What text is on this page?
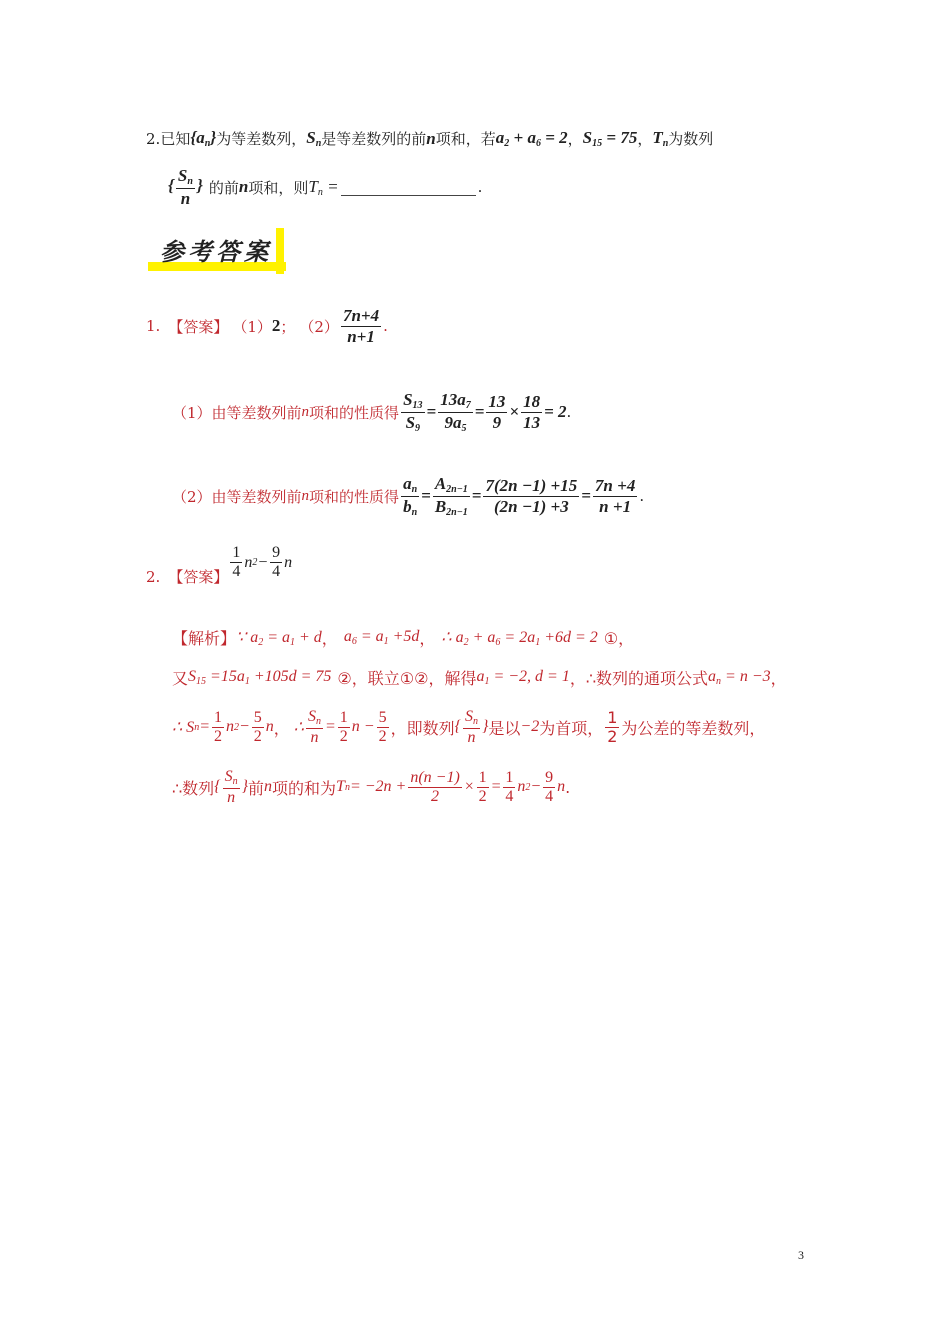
2. 已知 $\{a_n\}$ 为等差数列， $S_n$ 是等差数列的前 n 项和，若 $a_2 + a_6 = 2$ ， $S_{15} = 75$ ， $T_n$ 为数列
{ $\frac{S_n}{n}$ } 的前 n 项和，则 $T_n$ =	.
参考答案
1. 【答案】 （1） 2 ； $(2) \frac{7n+4}{n+1}$ .
（1）由等差数列前 n 项和的性质得 $\frac{S_{13}}{S_9} = \frac{13a_7}{9a_5} = \frac{13}{9} \times \frac{18}{13} = 2$ .
（2）由等差数列前 n 项和的性质得 $\frac{a_n}{b_n} = \frac{A_{2n-1}}{B_{2n-1}} = \frac{7(2n -1) +15}{(2n -1) +3} = \frac{7n +4}{n +1}$ .
2. 【答案】 $\frac{1}{4}$ n $2 - \frac{9}{4}$ n
【解析】 ∵ $a_2 = a_1 + d$ ， $a_6 = a_1 +5d$ ， ∴ $a_2 + a_6 = 2a_1 +6d = 2$ ①，
又 $S_{15} =15a_1 +105d = 75$ ②，联立①②，解得 $a_1 = -2$, d = 1 ，∴数列的通项公式 $a_n = n -3$ ，
∴ S $n = \frac{1}{2}$ n $2 - \frac{5}{2}$ n ， ∴ $\frac{S_n}{n} = \frac{1}{2}$ $n - \frac{5}{2}$ ，即数列 { $\frac{S_n}{n}$ } 是以 −2 为首项， $\frac{1}{2}$ 为公差的等差数列，
∴数列 { $\frac{S_n}{n}$ } 前 n 项的和为 T $n = -2n + \frac{n(n -1)}{2} \times \frac{1}{2} = \frac{1}{4}$ n $2 - \frac{9}{4}$ n .
3
